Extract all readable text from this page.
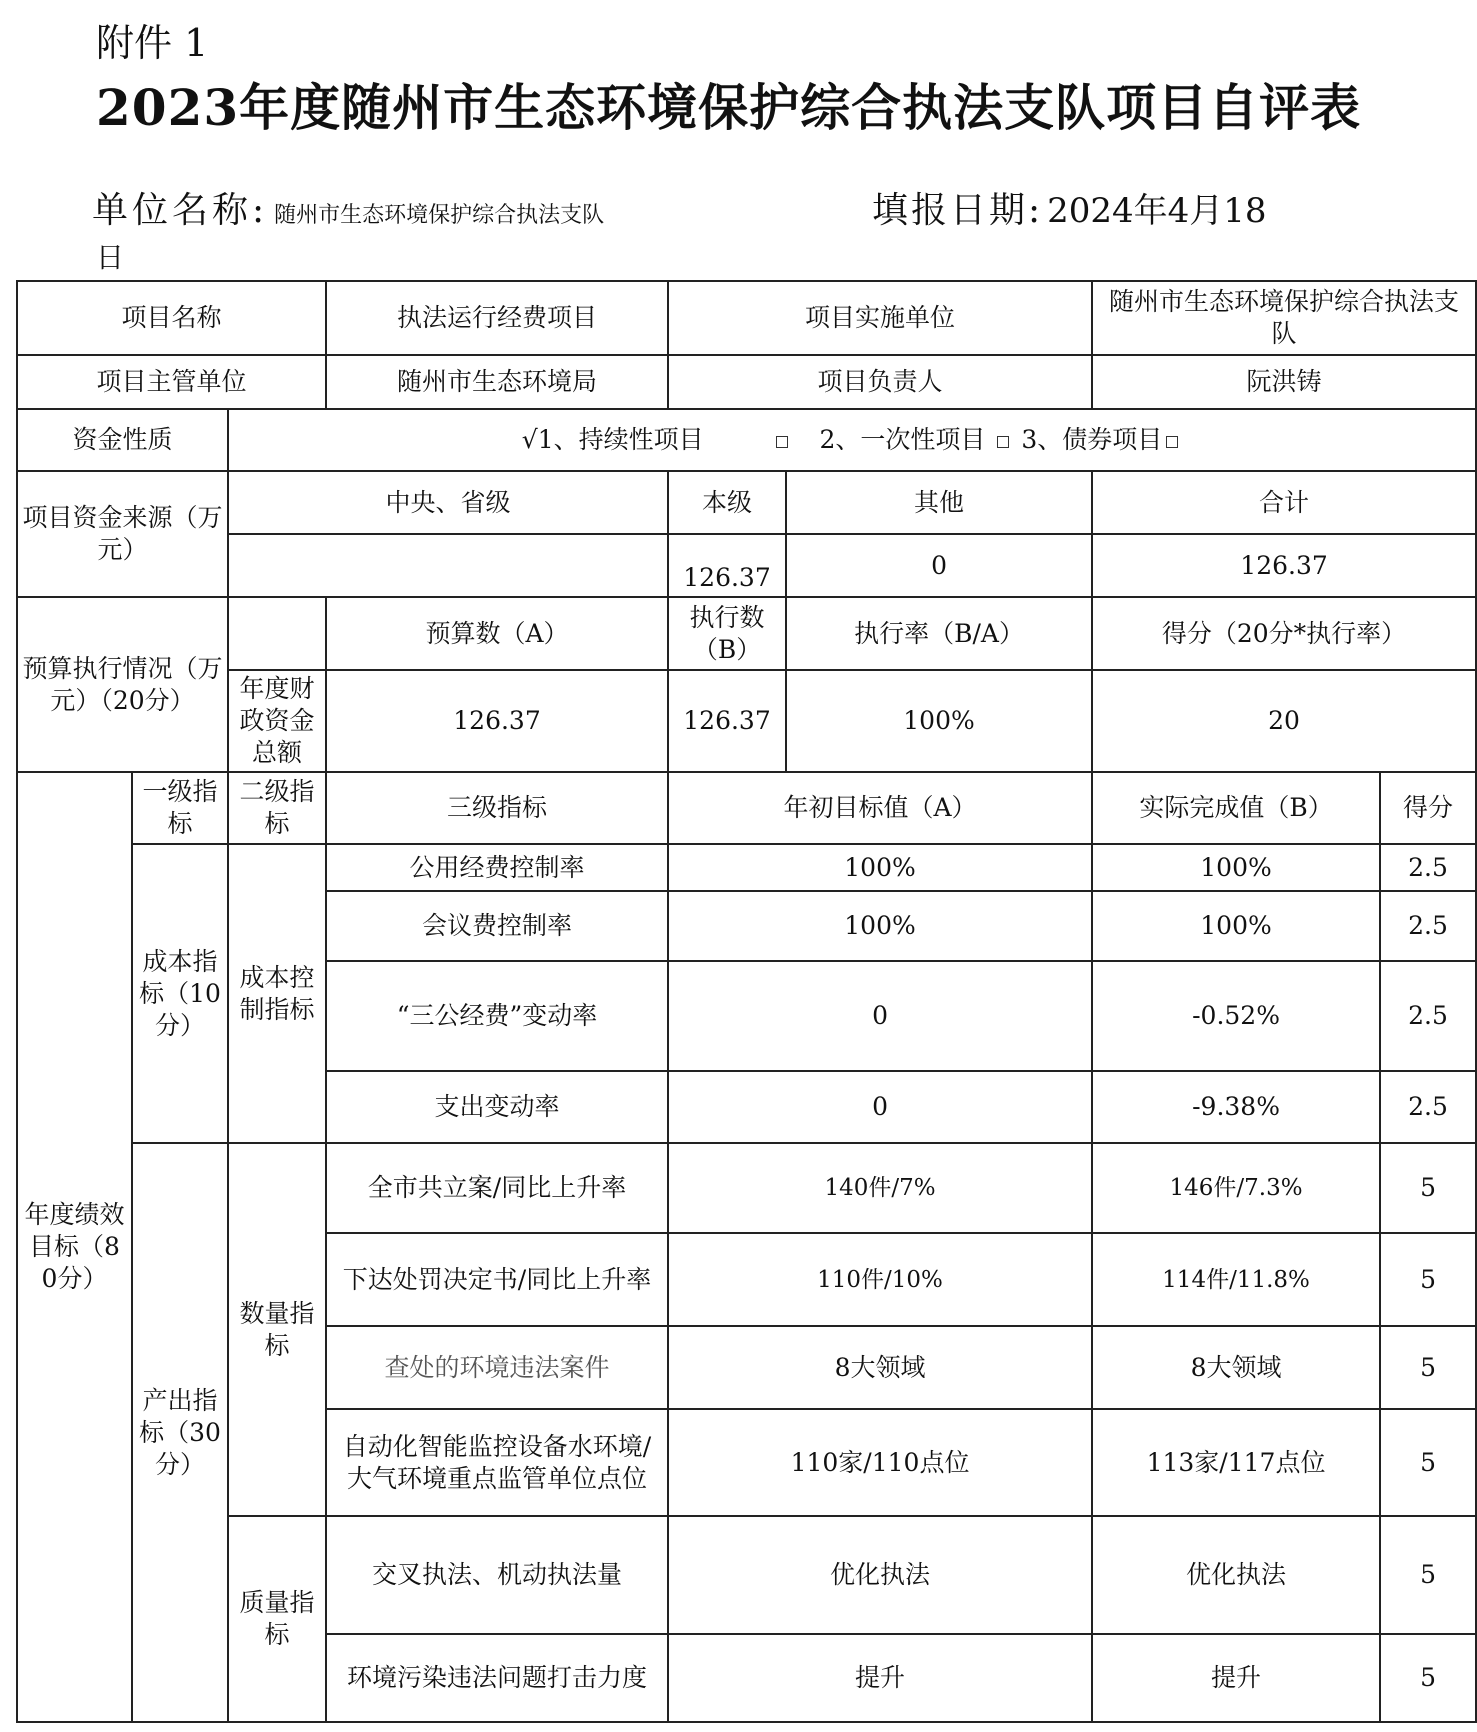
附件 1
2023年度随州市生态环境保护综合执法支队项目自评表
单位名称: 随州市生态环境保护综合执法支队	填报日期: 2024年4月18
日
项目名称			执法运行经费项目	项目实施单位		随州市生态环境保护综合执法支队	
项目主管单位			随州市生态环境局	项目负责人		阮洪铸	
资金性质		√1、持续性项目 2、一次性项目 3、债券项目					
项目资金来源（万元）		中央、省级		本级	其他	合计	
				126.37	0	126.37	
预算执行情况（万元）（20分）			预算数（A）	执行数（B）	执行率（B/A）	得分（20分*执行率）	
		年度财政资金总额	126.37	126.37	100%	20	
年度绩效目标（80分）	一级指标	二级指标	三级指标	年初目标值（A）		实际完成值（B）	得分
	成本指标（10分）	成本控制指标	公用经费控制率	100%		100%	2.5
			会议费控制率	100%		100%	2.5
			“三公经费”变动率	0		-0.52%	2.5
			支出变动率	0		-9.38%	2.5
	产出指标（30分）	数量指标	全市共立案/同比上升率	140件/7%		146件/7.3%	5
			下达处罚决定书/同比上升率	110件/10%		114件/11.8%	5
			查处的环境违法案件	8大领域		8大领域	5
			自动化智能监控设备水环境/大气环境重点监管单位点位	110家/110点位		113家/117点位	5
		质量指标	交叉执法、机动执法量	优化执法		优化执法	5
			环境污染违法问题打击力度	提升		提升	5
